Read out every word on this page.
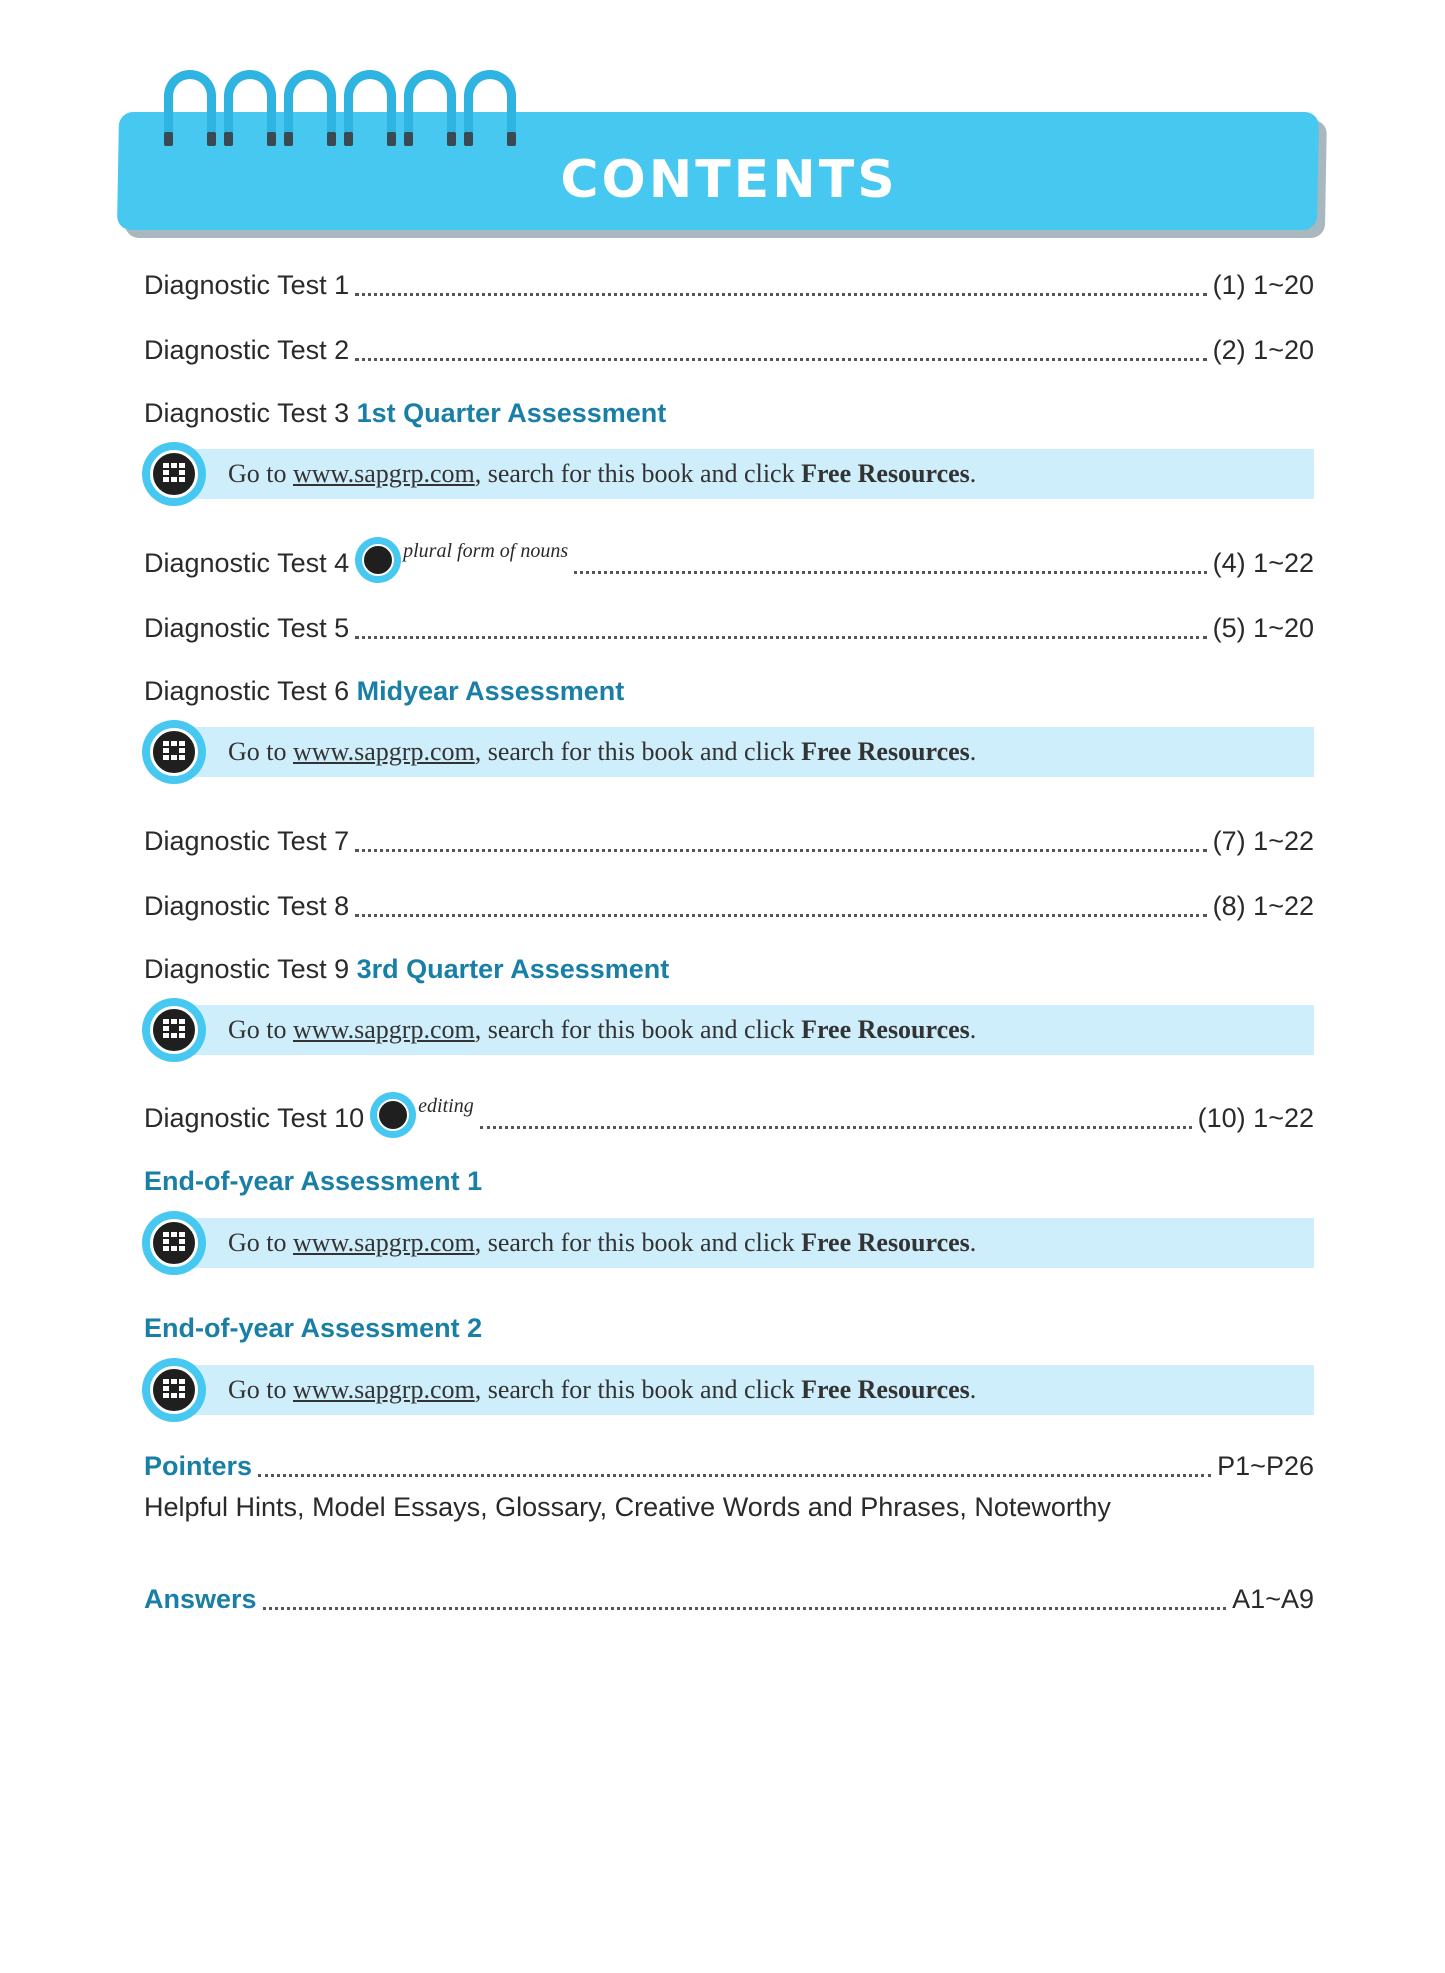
CONTENTS
Diagnostic Test 1	(1) 1~20
Diagnostic Test 2	(2) 1~20
Diagnostic Test 3 1st Quarter Assessment
Diagnostic Test 4	plural form of nouns	(4) 1~22
Diagnostic Test 5	(5) 1~20
Diagnostic Test 6 Midyear Assessment
Diagnostic Test 7	(7) 1~22
Diagnostic Test 8	(8) 1~22
Diagnostic Test 9 3rd Quarter Assessment
Diagnostic Test 10	editing	(10) 1~22
End-of-year Assessment 1
End-of-year Assessment 2
Pointers	P1~P26
Answers	A1~A9
Helpful Hints, Model Essays, Glossary, Creative Words and Phrases, Noteworthy
Go to
www.sapgrp.com , search for this book and click
Free Resources .
Go to
www.sapgrp.com , search for this book and click
Free Resources .
Go to
www.sapgrp.com , search for this book and click
Free Resources .
Go to
www.sapgrp.com , search for this book and click
Free Resources .
Go to
www.sapgrp.com , search for this book and click
Free Resources .
